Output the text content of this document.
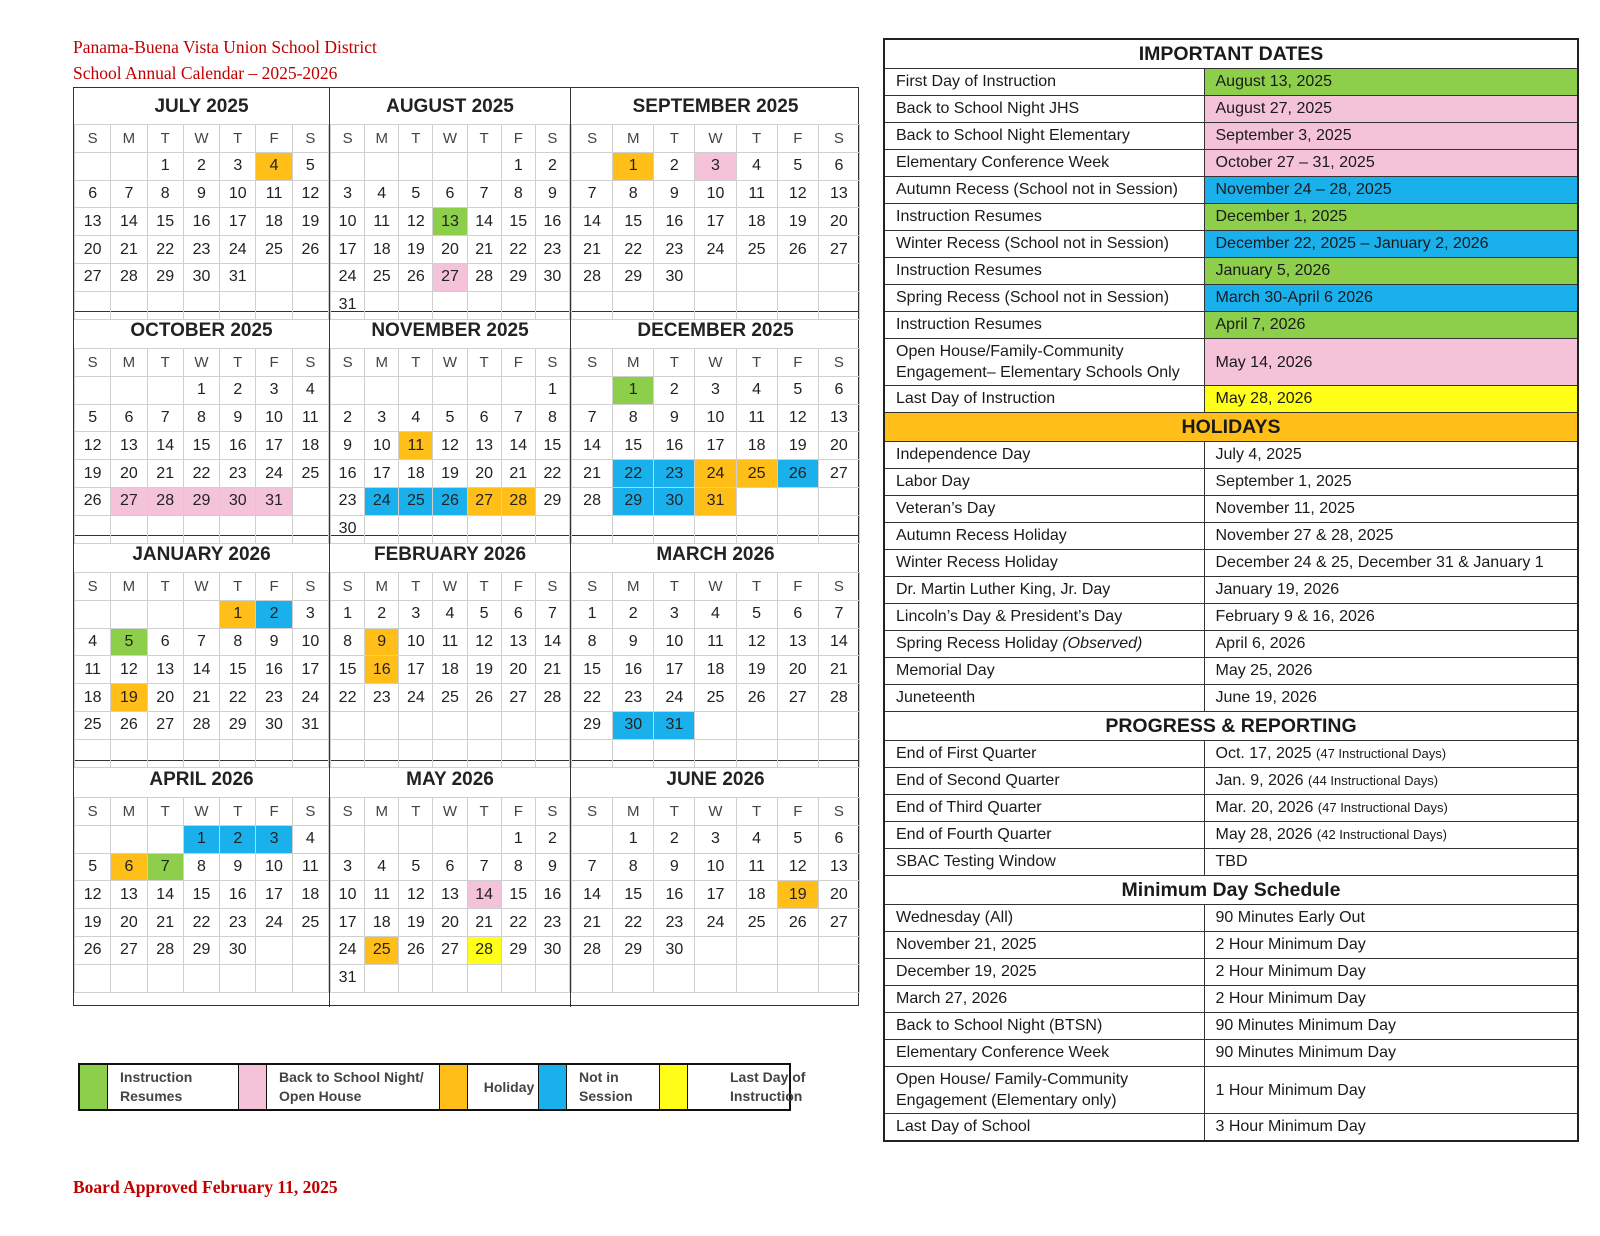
Panama-Buena Vista Union School District
School Annual Calendar – 2025-2026
JULY 2025
S	M	T	W	T	F	S
		1	2	3	4	5
6	7	8	9	10	11	12
13	14	15	16	17	18	19
20	21	22	23	24	25	26
27	28	29	30	31		

AUGUST 2025
S	M	T	W	T	F	S
					1	2
3	4	5	6	7	8	9
10	11	12	13	14	15	16
17	18	19	20	21	22	23
24	25	26	27	28	29	30
31						
SEPTEMBER 2025
S	M	T	W	T	F	S
	1	2	3	4	5	6
7	8	9	10	11	12	13
14	15	16	17	18	19	20
21	22	23	24	25	26	27
28	29	30				

OCTOBER 2025
S	M	T	W	T	F	S
			1	2	3	4
5	6	7	8	9	10	11
12	13	14	15	16	17	18
19	20	21	22	23	24	25
26	27	28	29	30	31	

NOVEMBER 2025
S	M	T	W	T	F	S
						1
2	3	4	5	6	7	8
9	10	11	12	13	14	15
16	17	18	19	20	21	22
23	24	25	26	27	28	29
30						
DECEMBER 2025
S	M	T	W	T	F	S
	1	2	3	4	5	6
7	8	9	10	11	12	13
14	15	16	17	18	19	20
21	22	23	24	25	26	27
28	29	30	31			

JANUARY 2026
S	M	T	W	T	F	S
				1	2	3
4	5	6	7	8	9	10
11	12	13	14	15	16	17
18	19	20	21	22	23	24
25	26	27	28	29	30	31

FEBRUARY 2026
S	M	T	W	T	F	S
1	2	3	4	5	6	7
8	9	10	11	12	13	14
15	16	17	18	19	20	21
22	23	24	25	26	27	28

MARCH 2026
S	M	T	W	T	F	S
1	2	3	4	5	6	7
8	9	10	11	12	13	14
15	16	17	18	19	20	21
22	23	24	25	26	27	28
29	30	31				

APRIL 2026
S	M	T	W	T	F	S
			1	2	3	4
5	6	7	8	9	10	11
12	13	14	15	16	17	18
19	20	21	22	23	24	25
26	27	28	29	30		

MAY 2026
S	M	T	W	T	F	S
					1	2
3	4	5	6	7	8	9
10	11	12	13	14	15	16
17	18	19	20	21	22	23
24	25	26	27	28	29	30
31						
JUNE 2026
S	M	T	W	T	F	S
	1	2	3	4	5	6
7	8	9	10	11	12	13
14	15	16	17	18	19	20
21	22	23	24	25	26	27
28	29	30				

Instruction Resumes
Back to School Night/ Open House
Holiday
Not in Session
Last Day of Instruction
IMPORTANT DATES	
First Day of Instruction	August 13, 2025
Back to School Night JHS	August 27, 2025
Back to School Night Elementary	September 3, 2025
Elementary Conference Week	October 27 – 31, 2025
Autumn Recess (School not in Session)	November 24 – 28, 2025
Instruction Resumes	December 1, 2025
Winter Recess (School not in Session)	December 22, 2025 – January 2, 2026
Instruction Resumes	January 5, 2026
Spring Recess (School not in Session)	March 30-April 6 2026
Instruction Resumes	April 7, 2026
Open House/Family-Community Engagement– Elementary Schools Only	May 14, 2026
Last Day of Instruction	May 28, 2026
HOLIDAYS	
Independence Day	July 4, 2025
Labor Day	September 1, 2025
Veteran’s Day	November 11, 2025
Autumn Recess Holiday	November 27 & 28, 2025
Winter Recess Holiday	December 24 & 25, December 31 & January 1
Dr. Martin Luther King, Jr. Day	January 19, 2026
Lincoln’s Day & President’s Day	February 9 & 16, 2026
Spring Recess Holiday (Observed)	April 6, 2026
Memorial Day	May 25, 2026
Juneteenth	June 19, 2026
PROGRESS & REPORTING	
End of First Quarter	Oct. 17, 2025 (47 Instructional Days)
End of Second Quarter	Jan. 9, 2026 (44 Instructional Days)
End of Third Quarter	Mar. 20, 2026 (47 Instructional Days)
End of Fourth Quarter	May 28, 2026 (42 Instructional Days)
SBAC Testing Window	TBD
Minimum Day Schedule	
Wednesday (All)	90 Minutes Early Out
November 21, 2025	2 Hour Minimum Day
December 19, 2025	2 Hour Minimum Day
March 27, 2026	2 Hour Minimum Day
Back to School Night (BTSN)	90 Minutes Minimum Day
Elementary Conference Week	90 Minutes Minimum Day
Open House/ Family-Community Engagement (Elementary only)	1 Hour Minimum Day
Last Day of School	3 Hour Minimum Day
Board Approved February 11, 2025
